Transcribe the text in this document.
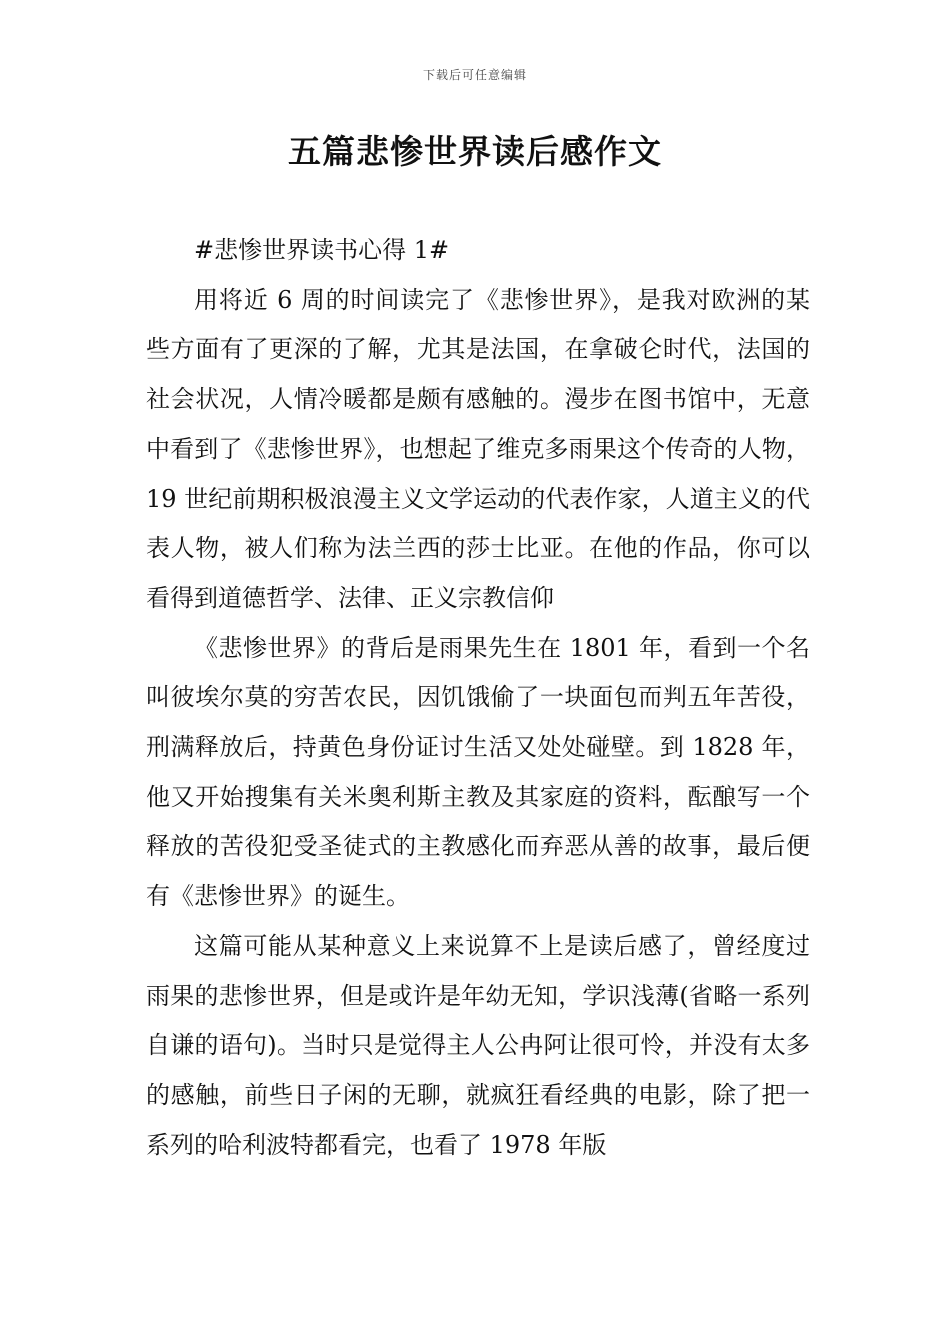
下载后可任意编辑
五篇悲惨世界读后感作文

#悲惨世界读书心得 1#

用将近 6 周的时间读完了《悲惨世界》，是我对欧洲的某些方面有了更深的了解，尤其是法国，在拿破仑时代，法国的社会状况，人情冷暖都是颇有感触的。漫步在图书馆中，无意中看到了《悲惨世界》，也想起了维克多雨果这个传奇的人物，19 世纪前期积极浪漫主义文学运动的代表作家，人道主义的代表人物，被人们称为法兰西的莎士比亚。在他的作品，你可以看得到道德哲学、法律、正义宗教信仰

《悲惨世界》的背后是雨果先生在 1801 年，看到一个名叫彼埃尔莫的穷苦农民，因饥饿偷了一块面包而判五年苦役，刑满释放后，持黄色身份证讨生活又处处碰壁。到 1828 年，他又开始搜集有关米奥利斯主教及其家庭的资料，酝酿写一个释放的苦役犯受圣徒式的主教感化而弃恶从善的故事，最后便有《悲惨世界》的诞生。

这篇可能从某种意义上来说算不上是读后感了，曾经度过雨果的悲惨世界，但是或许是年幼无知，学识浅薄(省略一系列自谦的语句)。当时只是觉得主人公冉阿让很可怜，并没有太多的感触，前些日子闲的无聊，就疯狂看经典的电影，除了把一系列的哈利波特都看完，也看了 1978 年版
